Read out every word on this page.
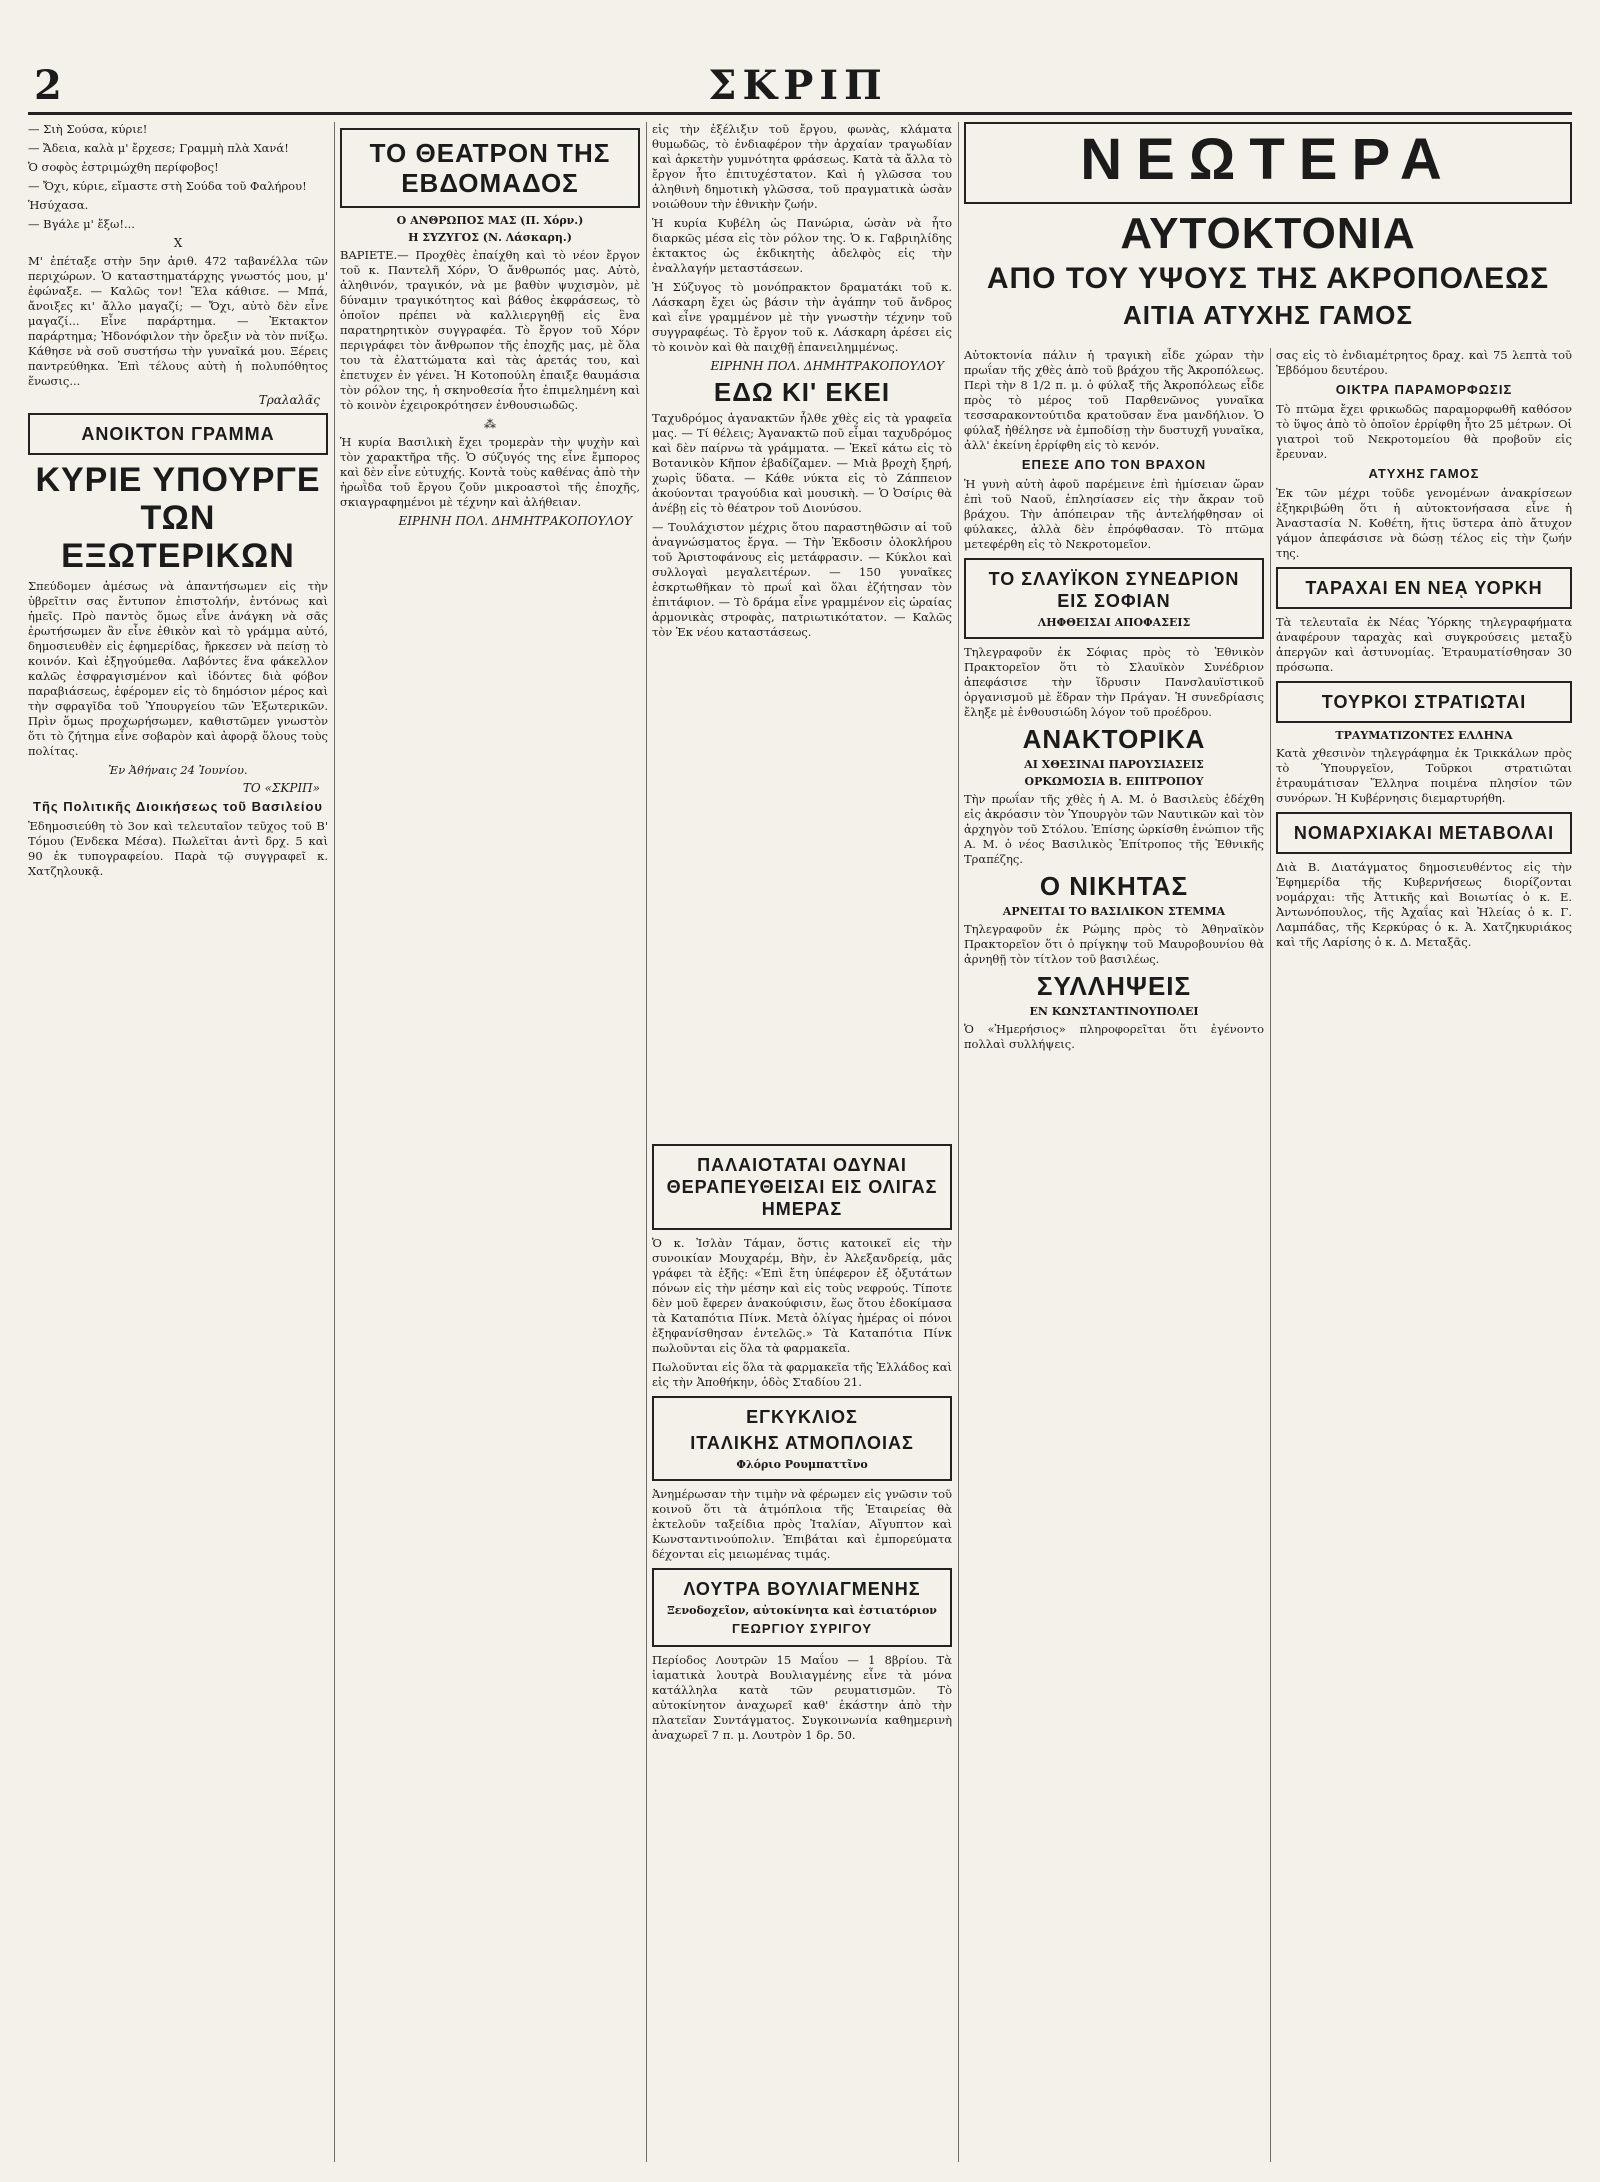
2	ΣΚΡΙΠ

— Σιὴ Σούσα, κύριε!

— Ἄδεια, καλὰ μ' ἔρχεσε; Γραμμὴ πλὰ Χανά!

Ὁ σοφὸς ἐστριμώχθη περίφοβος!

— Ὄχι, κύριε, εἴμαστε στὴ Σούδα τοῦ Φαλήρου!

Ἡσύχασα.

— Βγάλε μ' ἔξω!...

Χ

Μ' ἐπέταξε στὴν 5ην ἀριθ. 472 ταβανέλλα τῶν περιχώρων. Ὁ καταστηματάρχης γνωστός μου, μ' ἐφώναξε. — Καλῶς τον! Ἔλα κάθισε. — Μπά, ἄνοιξες κι' ἄλλο μαγαζί; — Ὄχι, αὐτὸ δὲν εἶνε μαγαζί... Εἶνε παράρτημα. — Ἐκτακτον παράρτημα; Ἡδονόφιλον τὴν ὄρεξιν νὰ τὸν πνίξω. Κάθησε νὰ σοῦ συστήσω τὴν γυναῖκά μου. Ξέρεις παντρεύθηκα. Ἐπὶ τέλους αὐτὴ ἡ πολυπόθητος ἕνωσις...

Τραλαλᾶς
ΑΝΟΙΚΤΟΝ ΓΡΑΜΜΑ
ΚΥΡΙΕ ΥΠΟΥΡΓΕ ΤΩΝ ΕΞΩΤΕΡΙΚΩΝ

Σπεύδομεν ἀμέσως νὰ ἀπαντήσωμεν εἰς τὴν ὑβρεῖτιν σας ἔντυπον ἐπιστολήν, ἐντόνως καὶ ἡμεῖς. Πρὸ παντὸς ὅμως εἶνε ἀνάγκη νὰ σᾶς ἐρωτήσωμεν ἂν εἶνε ἐθικὸν καὶ τὸ γράμμα αὐτό, δημοσιευθὲν εἰς ἐφημερίδας, ἤρκεσεν νὰ πείσῃ τὸ κοινόν. Καὶ ἐξηγούμεθα. Λαβόντες ἕνα φάκελλον καλῶς ἐσφραγισμένον καὶ ἰδόντες διὰ φόβον παραβιάσεως, ἐφέρομεν εἰς τὸ δημόσιον μέρος καὶ τὴν σφραγῖδα τοῦ Ὑπουργείου τῶν Ἐξωτερικῶν. Πρὶν ὅμως προχωρήσωμεν, καθιστῶμεν γνωστὸν ὅτι τὸ ζήτημα εἶνε σοβαρὸν καὶ ἀφορᾷ ὅλους τοὺς πολίτας.

Ἐν Ἀθήναις 24 Ἰουνίου.
ΤΟ «ΣΚΡΙΠ»
Τῆς Πολιτικῆς Διοικήσεως τοῦ Βασιλείου

Ἐδημοσιεύθη τὸ 3ον καὶ τελευταῖον τεῦχος τοῦ Β' Τόμου (Ἐνδεκα Μέσα). Πωλεῖται ἀντὶ δρχ. 5 καὶ 90 ἐκ τυπογραφείου. Παρὰ τῷ συγγραφεῖ κ. Χατζηλουκᾷ.

ΤΟ ΘΕΑΤΡΟΝ ΤΗΣ ΕΒΔΟΜΑΔΟΣ
Ο ΑΝΘΡΩΠΟΣ ΜΑΣ (Π. Χόρν.)
Η ΣΥΖΥΓΟΣ (Ν. Λάσκαρη.)

ΒΑΡΙΕΤΕ.— Προχθὲς ἐπαίχθη καὶ τὸ νέον ἔργον τοῦ κ. Παντελῆ Χόρν, Ὁ ἄνθρωπός μας. Αὐτὸ, ἀληθινόν, τραγικόν, νὰ με βαθὺν ψυχισμὸν, μὲ δύναμιν τραγικότητος καὶ βάθος ἐκφράσεως, τὸ ὁποῖον πρέπει νὰ καλλιεργηθῇ εἰς ἓνα παρατηρητικὸν συγγραφέα. Τὸ ἔργον τοῦ Χόρν περιγράφει τὸν ἄνθρωπον τῆς ἐποχῆς μας, μὲ ὅλα του τὰ ἐλαττώματα καὶ τὰς ἀρετάς του, καὶ ἐπετυχεν ἐν γένει. Ἡ Κοτοπούλη ἐπαιξε θαυμάσια τὸν ρόλον της, ἡ σκηνοθεσία ἦτο ἐπιμελημένη καὶ τὸ κοινὸν ἐχειροκρότησεν ἐνθουσιωδῶς.

⁂

Ἡ κυρία Βασιλικὴ ἔχει τρομερὰν τὴν ψυχὴν καὶ τὸν χαρακτῆρα τῆς. Ὁ σύζυγός της εἶνε ἔμπορος καὶ δὲν εἶνε εὐτυχής. Κοντὰ τοὺς καθένας ἀπὸ τὴν ἡρωῒδα τοῦ ἔργου ζοῦν μικροαστοὶ τῆς ἐποχῆς, σκιαγραφημένοι μὲ τέχνην καὶ ἀλήθειαν.

ΕΙΡΗΝΗ ΠΟΛ. ΔΗΜΗΤΡΑΚΟΠΟΥΛΟΥ

εἰς τὴν ἐξέλιξιν τοῦ ἔργου, φωνὰς, κλάματα θυμωδῶς, τὸ ἐνδιαφέρον τὴν ἀρχαίαν τραγωδίαν καὶ ἀρκετὴν γυμνότητα φράσεως. Κατὰ τὰ ἄλλα τὸ ἔργον ἦτο ἐπιτυχέστατον. Καὶ ἡ γλῶσσα του ἀληθινὴ δημοτικὴ γλῶσσα, τοῦ πραγματικὰ ὡσὰν νοιώθουν τὴν ἐθνικὴν ζωήν.

Ἡ κυρία Κυβέλη ὡς Πανώρια, ὡσὰν νὰ ἦτο διαρκῶς μέσα εἰς τὸν ρόλον της. Ὁ κ. Γαβριηλίδης ἐκτακτος ὡς ἐκδικητὴς ἀδελφὸς εἰς τὴν ἐναλλαγήν μεταστάσεων.

Ἡ Σύζυγος τὸ μονόπρακτον δραματάκι τοῦ κ. Λάσκαρη ἔχει ὡς βάσιν τὴν ἀγάπην τοῦ ἄνδρος καὶ εἶνε γραμμένον μὲ τὴν γνωστὴν τέχνην τοῦ συγγραφέως. Τὸ ἔργον τοῦ κ. Λάσκαρη ἀρέσει εἰς τὸ κοινὸν καὶ θὰ παιχθῇ ἐπανειλημμένως.

ΕΙΡΗΝΗ ΠΟΛ. ΔΗΜΗΤΡΑΚΟΠΟΥΛΟΥ
ΕΔΩ ΚΙ' ΕΚΕΙ

Ταχυδρόμος ἀγανακτῶν ἦλθε χθὲς εἰς τὰ γραφεῖα μας. — Τί θέλεις; Ἀγανακτῶ ποῦ εἶμαι ταχυδρόμος καὶ δὲν παίρνω τὰ γράμματα. — Ἐκεῖ κάτω εἰς τὸ Βοτανικὸν Κῆπον ἐβαδίζαμεν. — Μιὰ βροχὴ ξηρή, χωρὶς ὕδατα. — Κάθε νύκτα εἰς τὸ Ζάππειον ἀκούονται τραγούδια καὶ μουσικὴ. — Ὁ Ὀσίρις θὰ ἀνέβῃ εἰς τὸ θέατρον τοῦ Διονύσου.

— Τουλάχιστον μέχρις ὅτου παραστηθῶσιν αἱ τοῦ ἀναγνώσματος ἔργα. — Τὴν Ἐκδοσιν ὁλοκλήρου τοῦ Ἀριστοφάνους εἰς μετάφρασιν. — Κύκλοι καὶ συλλογαὶ μεγαλειτέρων. — 150 γυναῖκες ἐσκρτωθῆκαν τὸ πρωΐ καὶ ὅλαι ἐζήτησαν τὸν ἐπιτάφιον. — Τὸ δράμα εἶνε γραμμένον εἰς ὡραίας ἁρμονικὰς στροφὰς, πατριωτικότατον. — Καλῶς τὸν Ἐκ νέου καταστάσεως.

ΝΕΩΤΕΡΑ
ΑΥΤΟΚΤΟΝΙΑ
ΑΠΟ ΤΟΥ ΥΨΟΥΣ ΤΗΣ ΑΚΡΟΠΟΛΕΩΣ
ΑΙΤΙΑ ΑΤΥΧΗΣ ΓΑΜΟΣ

Αὐτοκτονία πάλιν ἡ τραγικὴ εἶδε χώραν τὴν πρωΐαν τῆς χθὲς ἀπὸ τοῦ βράχου τῆς Ἀκροπόλεως. Περὶ τὴν 8 1/2 π. μ. ὁ φύλαξ τῆς Ἀκροπόλεως εἶδε πρὸς τὸ μέρος τοῦ Παρθενῶνος γυναῖκα τεσσαρακοντούτιδα κρατοῦσαν ἕνα μανδήλιον. Ὁ φύλαξ ἠθέλησε νὰ ἐμποδίσῃ τὴν δυστυχῆ γυναῖκα, ἀλλ' ἐκείνη ἐρρίφθη εἰς τὸ κενόν.

ΕΠΕΣΕ ΑΠΟ ΤΟΝ ΒΡΑΧΟΝ

Ἡ γυνὴ αὐτὴ ἀφοῦ παρέμεινε ἐπὶ ἡμίσειαν ὥραν ἐπὶ τοῦ Ναοῦ, ἐπλησίασεν εἰς τὴν ἄκραν τοῦ βράχου. Τὴν ἀπόπειραν τῆς ἀντελήφθησαν οἱ φύλακες, ἀλλὰ δὲν ἐπρόφθασαν. Τὸ πτῶμα μετεφέρθη εἰς τὸ Νεκροτομεῖον.

ΤΟ ΣΛΑΥΪΚΟΝ ΣΥΝΕΔΡΙΟΝ ΕΙΣ ΣΟΦΙΑΝ
ΛΗΦΘΕΙΣΑΙ ΑΠΟΦΑΣΕΙΣ

Τηλεγραφοῦν ἐκ Σόφιας πρὸς τὸ Ἐθνικὸν Πρακτορεῖον ὅτι τὸ Σλαυϊκὸν Συνέδριον ἀπεφάσισε τὴν ἵδρυσιν Πανσλαυϊστικοῦ ὀργανισμοῦ μὲ ἕδραν τὴν Πράγαν. Ἡ συνεδρίασις ἔληξε μὲ ἐνθουσιώδη λόγον τοῦ προέδρου.

ΑΝΑΚΤΟΡΙΚΑ
ΑΙ ΧΘΕΣΙΝΑΙ ΠΑΡΟΥΣΙΑΣΕΙΣ
ΟΡΚΩΜΟΣΙΑ Β. ΕΠΙΤΡΟΠΟΥ

Τὴν πρωΐαν τῆς χθὲς ἡ Α. Μ. ὁ Βασιλεὺς ἐδέχθη εἰς ἀκρόασιν τὸν Ὑπουργὸν τῶν Ναυτικῶν καὶ τὸν ἀρχηγὸν τοῦ Στόλου. Ἐπίσης ὡρκίσθη ἐνώπιον τῆς Α. Μ. ὁ νέος Βασιλικὸς Ἐπίτροπος τῆς Ἐθνικῆς Τραπέζης.

Ο ΝΙΚΗΤΑΣ
ΑΡΝΕΙΤΑΙ ΤΟ ΒΑΣΙΛΙΚΟΝ ΣΤΕΜΜΑ

Τηλεγραφοῦν ἐκ Ρώμης πρὸς τὸ Ἀθηναϊκὸν Πρακτορεῖον ὅτι ὁ πρίγκηψ τοῦ Μαυροβουνίου θὰ ἀρνηθῇ τὸν τίτλον τοῦ βασιλέως.

ΣΥΛΛΗΨΕΙΣ
ΕΝ ΚΩΝΣΤΑΝΤΙΝΟΥΠΟΛΕΙ

Ὁ «Ἡμερήσιος» πληροφορεῖται ὅτι ἐγένοντο πολλαὶ συλλήψεις.

σας εἰς τὸ ἐνδιαμέτρητος δραχ. καὶ 75 λεπτὰ τοῦ Ἐβδόμου δευτέρου.

ΟΙΚΤΡΑ ΠΑΡΑΜΟΡΦΩΣΙΣ

Τὸ πτῶμα ἔχει φρικωδῶς παραμορφωθῆ καθόσον τὸ ὕψος ἀπὸ τὸ ὁποῖον ἐρρίφθη ἦτο 25 μέτρων. Οἱ γιατροὶ τοῦ Νεκροτομείου θὰ προβοῦν εἰς ἔρευναν.

ΑΤΥΧΗΣ ΓΑΜΟΣ

Ἐκ τῶν μέχρι τοῦδε γενομένων ἀνακρίσεων ἐξηκριβώθη ὅτι ἡ αὐτοκτονήσασα εἶνε ἡ Ἀναστασία Ν. Κοθέτη, ἥτις ὕστερα ἀπὸ ἄτυχον γάμον ἀπεφάσισε νὰ δώσῃ τέλος εἰς τὴν ζωήν της.

ΤΑΡΑΧΑΙ ΕΝ ΝΕᾼ ΥΟΡΚΗ

Τὰ τελευταῖα ἐκ Νέας Ὑόρκης τηλεγραφήματα ἀναφέρουν ταραχὰς καὶ συγκρούσεις μεταξὺ ἀπεργῶν καὶ ἀστυνομίας. Ἐτραυματίσθησαν 30 πρόσωπα.

ΤΟΥΡΚΟΙ ΣΤΡΑΤΙΩΤΑΙ
ΤΡΑΥΜΑΤΙΖΟΝΤΕΣ ΕΛΛΗΝΑ

Κατὰ χθεσινὸν τηλεγράφημα ἐκ Τρικκάλων πρὸς τὸ Ὑπουργεῖον, Τοῦρκοι στρατιῶται ἐτραυμάτισαν Ἕλληνα ποιμένα πλησίον τῶν συνόρων. Ἡ Κυβέρνησις διεμαρτυρήθη.

ΝΟΜΑΡΧΙΑΚΑΙ ΜΕΤΑΒΟΛΑΙ

Διὰ Β. Διατάγματος δημοσιευθέντος εἰς τὴν Ἐφημερίδα τῆς Κυβερνήσεως διορίζονται νομάρχαι: τῆς Ἀττικῆς καὶ Βοιωτίας ὁ κ. Ε. Ἀντωνόπουλος, τῆς Ἀχαΐας καὶ Ἠλείας ὁ κ. Γ. Λαμπάδας, τῆς Κερκύρας ὁ κ. Ἀ. Χατζηκυριάκος καὶ τῆς Λαρίσης ὁ κ. Δ. Μεταξᾶς.

ΠΑΛΑΙΟΤΑΤΑΙ ΟΔΥΝΑΙ ΘΕΡΑΠΕΥΘΕΙΣΑΙ ΕΙΣ ΟΛΙΓΑΣ ΗΜΕΡΑΣ

Ὁ κ. Ἰσλὰν Τάμαν, ὅστις κατοικεῖ εἰς τὴν συνοικίαν Μουχαρέμ, Βὴν, ἐν Ἀλεξανδρείᾳ, μᾶς γράφει τὰ ἑξῆς: «Ἐπὶ ἔτη ὑπέφερον ἐξ ὀξυτάτων πόνων εἰς τὴν μέσην καὶ εἰς τοὺς νεφρούς. Τίποτε δὲν μοῦ ἔφερεν ἀνακούφισιν, ἕως ὅτου ἐδοκίμασα τὰ Καταπότια Πίνκ. Μετὰ ὀλίγας ἡμέρας οἱ πόνοι ἐξηφανίσθησαν ἐντελῶς.» Τὰ Καταπότια Πίνκ πωλοῦνται εἰς ὅλα τὰ φαρμακεῖα.

Πωλοῦνται εἰς ὅλα τὰ φαρμακεῖα τῆς Ἑλλάδος καὶ εἰς τὴν Ἀποθήκην, ὁδὸς Σταδίου 21.

ΕΓΚΥΚΛΙΟΣ
ΙΤΑΛΙΚΗΣ ΑΤΜΟΠΛΟΙΑΣ
Φλόριο Ρουμπαττῖνο

Ἀνημέρωσαν τὴν τιμὴν νὰ φέρωμεν εἰς γνῶσιν τοῦ κοινοῦ ὅτι τὰ ἀτμόπλοια τῆς Ἐταιρείας θὰ ἐκτελοῦν ταξείδια πρὸς Ἰταλίαν, Αἴγυπτον καὶ Κωνσταντινούπολιν. Ἐπιβάται καὶ ἐμπορεύματα δέχονται εἰς μειωμένας τιμάς.

ΛΟΥΤΡΑ ΒΟΥΛΙΑΓΜΕΝΗΣ
Ξενοδοχεῖον, αὐτοκίνητα καὶ ἑστιατόριον
ΓΕΩΡΓΙΟΥ ΣΥΡΙΓΟΥ

Περίοδος Λουτρῶν 15 Μαΐου — 1 8βρίου. Τὰ ἰαματικὰ λουτρὰ Βουλιαγμένης εἶνε τὰ μόνα κατάλληλα κατὰ τῶν ρευματισμῶν. Τὸ αὐτοκίνητον ἀναχωρεῖ καθ' ἑκάστην ἀπὸ τὴν πλατεῖαν Συντάγματος. Συγκοινωνία καθημερινὴ ἀναχωρεῖ 7 π. μ. Λουτρὸν 1 δρ. 50.
